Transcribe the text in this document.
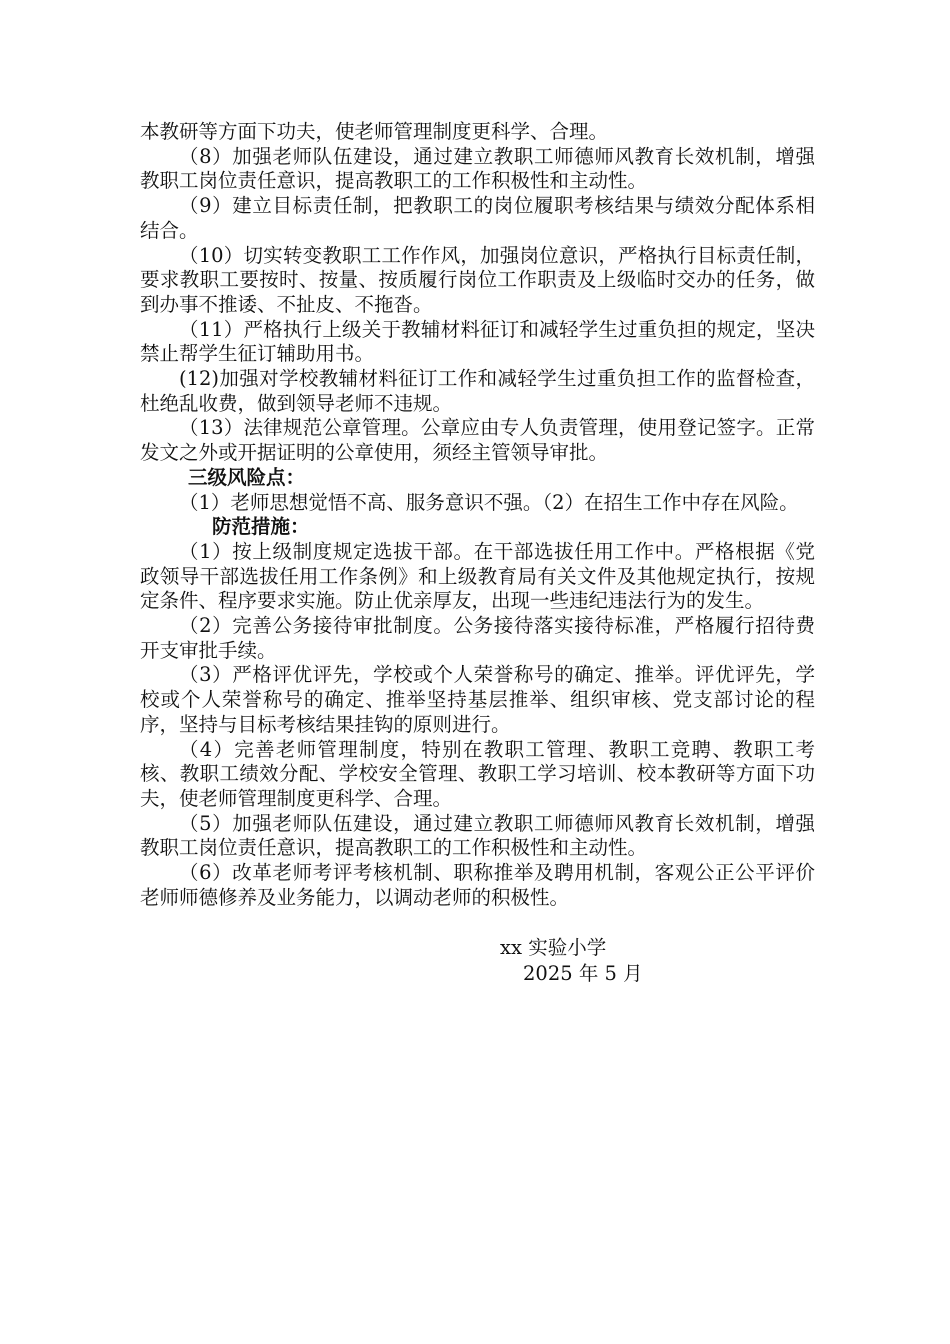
本教研等方面下功夫，使老师管理制度更科学、合理。

（8）加强老师队伍建设，通过建立教职工师德师风教育长效机制，增强教职工岗位责任意识，提高教职工的工作积极性和主动性。

（9）建立目标责任制，把教职工的岗位履职考核结果与绩效分配体系相结合。

（10）切实转变教职工工作作风，加强岗位意识，严格执行目标责任制，要求教职工要按时、按量、按质履行岗位工作职责及上级临时交办的任务，做到办事不推诿、不扯皮、不拖沓。

（11）严格执行上级关于教辅材料征订和减轻学生过重负担的规定，坚决禁止帮学生征订辅助用书。

(12)加强对学校教辅材料征订工作和减轻学生过重负担工作的监督检查，杜绝乱收费，做到领导老师不违规。

（13）法律规范公章管理。公章应由专人负责管理，使用登记签字。正常发文之外或开据证明的公章使用，须经主管领导审批。

三级风险点：

（1）老师思想觉悟不高、服务意识不强。（2）在招生工作中存在风险。

防范措施：

（1）按上级制度规定选拔干部。在干部选拔任用工作中。严格根据《党政领导干部选拔任用工作条例》和上级教育局有关文件及其他规定执行，按规定条件、程序要求实施。防止优亲厚友，出现一些违纪违法行为的发生。

（2）完善公务接待审批制度。公务接待落实接待标准，严格履行招待费开支审批手续。

（3）严格评优评先，学校或个人荣誉称号的确定、推举。评优评先，学校或个人荣誉称号的确定、推举坚持基层推举、组织审核、党支部讨论的程序，坚持与目标考核结果挂钩的原则进行。

（4）完善老师管理制度，特别在教职工管理、教职工竞聘、教职工考核、教职工绩效分配、学校安全管理、教职工学习培训、校本教研等方面下功夫，使老师管理制度更科学、合理。

（5）加强老师队伍建设，通过建立教职工师德师风教育长效机制，增强教职工岗位责任意识，提高教职工的工作积极性和主动性。

（6）改革老师考评考核机制、职称推举及聘用机制，客观公正公平评价老师师德修养及业务能力，以调动老师的积极性。

xx 实验小学

2025 年 5 月
